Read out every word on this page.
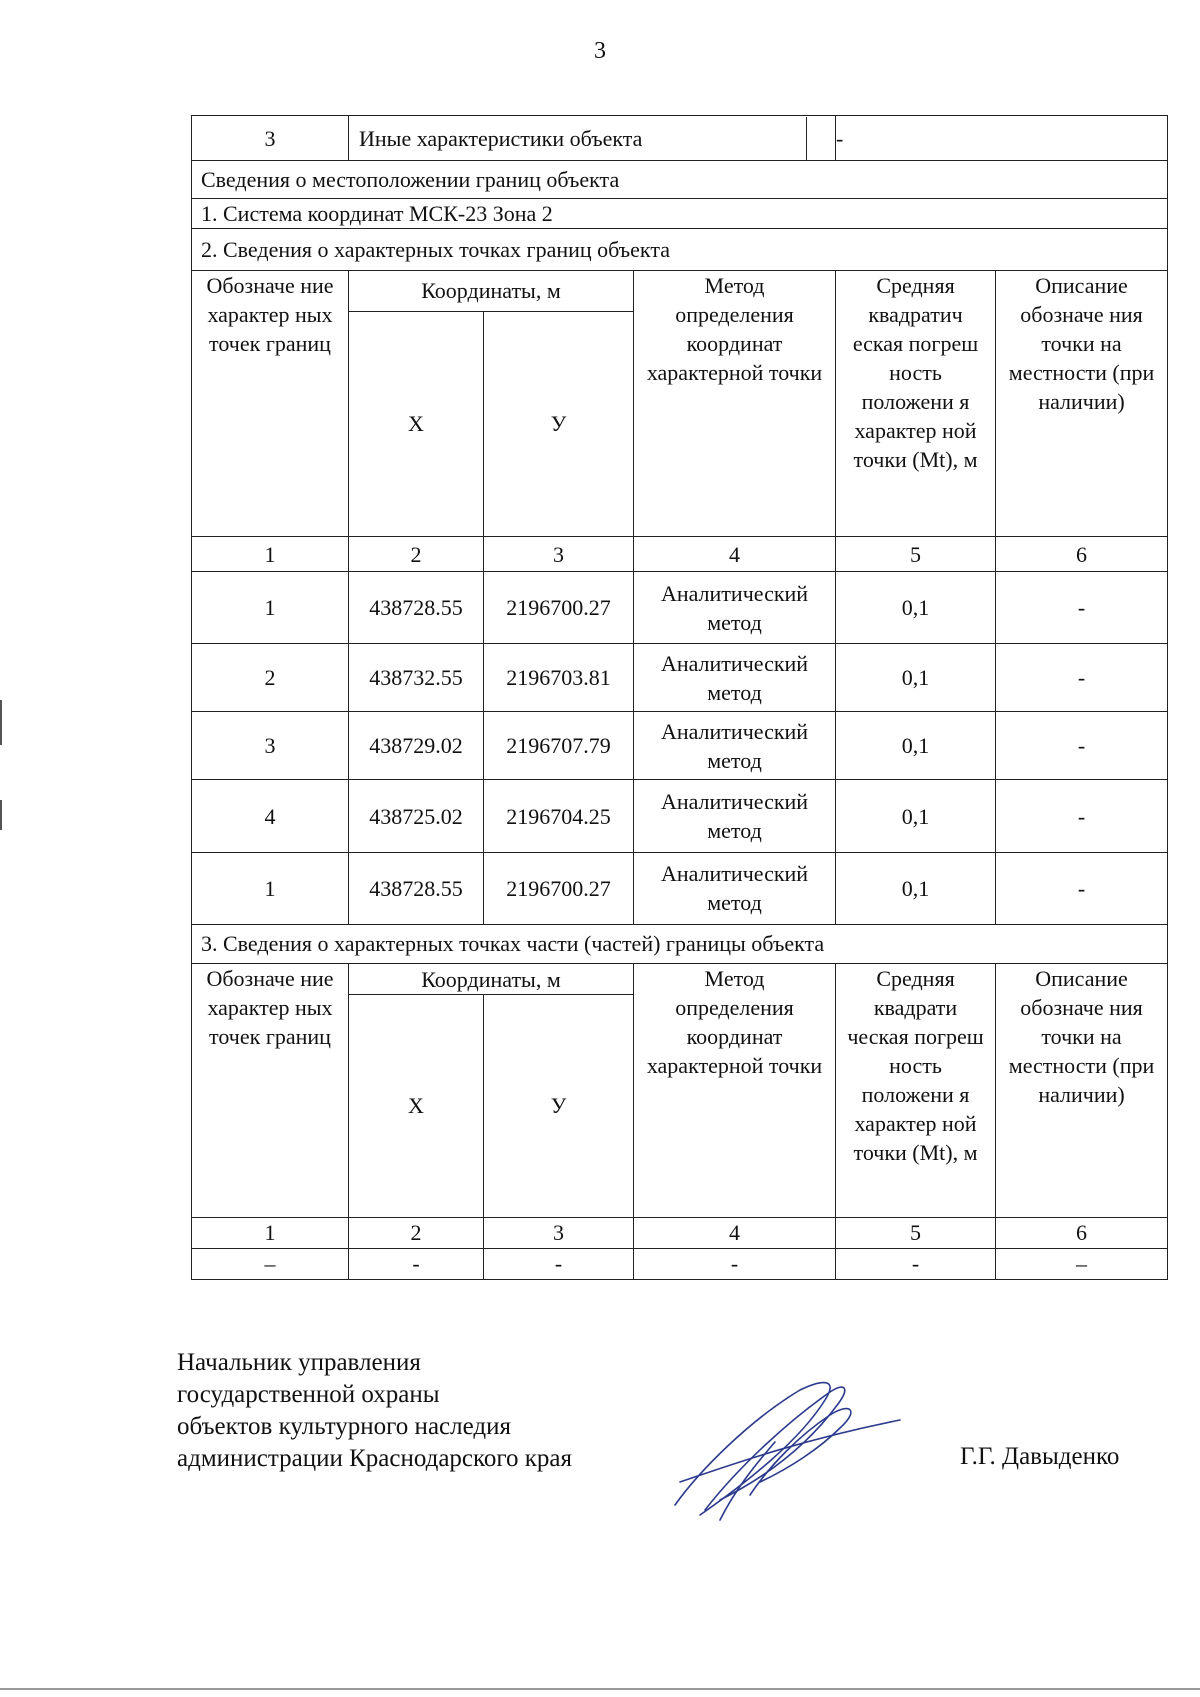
3
3	Иные характеристики объекта			-	
Сведения о местоположении границ объекта					
1. Система координат МСК-23 Зона 2					
2. Сведения о характерных точках границ объекта					
Обозначе ние характер ных точек границ	Координаты, м		Метод определения координат характерной точки	Средняя квадратич еская погреш ность положени я характер ной точки (Mt), м	Описание обозначе ния точки на местности (при наличии)
	Х	У			
1	2	3	4	5	6
1	438728.55	2196700.27	Аналитический метод	0,1	-
2	438732.55	2196703.81	Аналитический метод	0,1	-
3	438729.02	2196707.79	Аналитический метод	0,1	-
4	438725.02	2196704.25	Аналитический метод	0,1	-
1	438728.55	2196700.27	Аналитический метод	0,1	-
3. Сведения о характерных точках части (частей) границы объекта					
Обозначе ние характер ных точек границ	Координаты, м		Метод определения координат характерной точки	Средняя квадрати ческая погреш ность положени я характер ной точки (Mt), м	Описание обозначе ния точки на местности (при наличии)
	Х	У			
1	2	3	4	5	6
–	-	-	-	-	–
Начальник управления
государственной охраны
объектов культурного наследия
администрации Краснодарского края	Г.Г. Давыденко
